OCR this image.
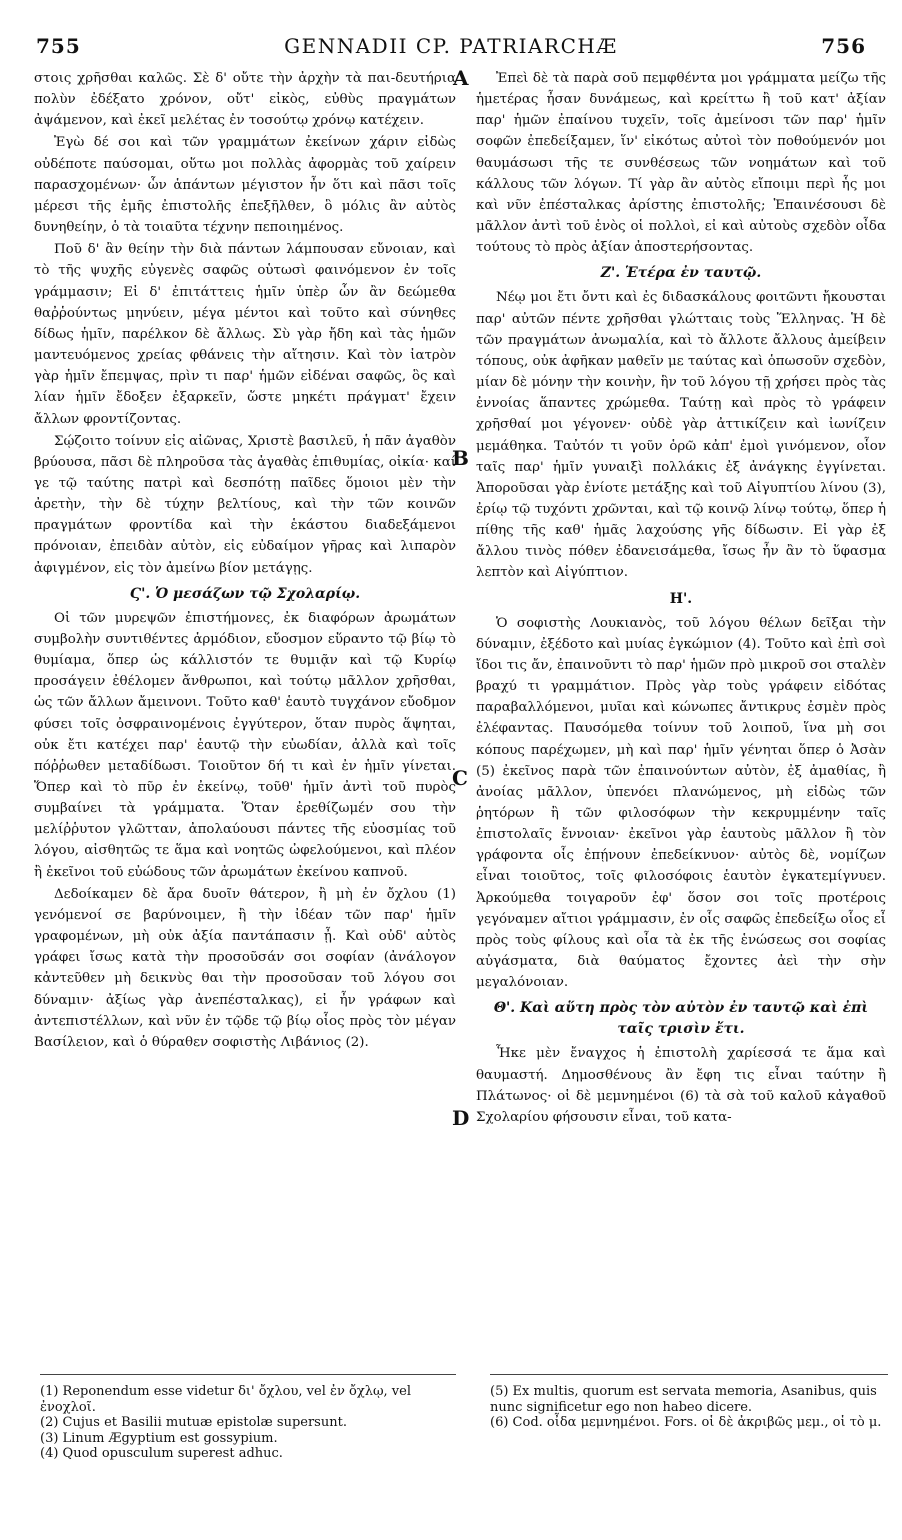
755	GENNADII CP. PATRIARCHÆ	756
A
B
C
D

στοις χρῆσθαι καλῶς. Σὲ δ' οὔτε τὴν ἀρχὴν τὰ παι-δευτήρια πολὺν ἐδέξατο χρόνον, οὔτ' εἰκὸς, εὐθὺς πραγμάτων ἀψάμενον, καὶ ἐκεῖ μελέτας ἐν τοσούτῳ χρόνῳ κατέχειν.

Ἐγὼ δέ σοι καὶ τῶν γραμμάτων ἐκείνων χάριν εἰδὼς οὐδέποτε παύσομαι, οὕτω μοι πολλὰς ἀφορμὰς τοῦ χαίρειν παρασχομένων· ὧν ἁπάντων μέγιστον ἦν ὅτι καὶ πᾶσι τοῖς μέρεσι τῆς ἐμῆς ἐπιστολῆς ἐπεξῆλθεν, ὃ μόλις ἂν αὐτὸς δυνηθείην, ὁ τὰ τοιαῦτα τέχνην πεποιημένος.

Ποῦ δ' ἂν θείην τὴν διὰ πάντων λάμπουσαν εὔνοιαν, καὶ τὸ τῆς ψυχῆς εὐγενὲς σαφῶς οὑτωσὶ φαινόμενον ἐν τοῖς γράμμασιν; Εἰ δ' ἐπιτάττεις ἡμῖν ὑπὲρ ὧν ἂν δεώμεθα θαῤῥούντως μηνύειν, μέγα μέντοι καὶ τοῦτο καὶ σύνηθες δίδως ἡμῖν, παρέλκον δὲ ἄλλως. Σὺ γὰρ ἤδη καὶ τὰς ἡμῶν μαντευόμενος χρείας φθάνεις τὴν αἴτησιν. Καὶ τὸν ἰατρὸν γὰρ ἡμῖν ἔπεμψας, πρὶν τι παρ' ἡμῶν εἰδέναι σαφῶς, ὃς καὶ λίαν ἡμῖν ἔδοξεν ἐξαρκεῖν, ὥστε μηκέτι πράγματ' ἔχειν ἄλλων φροντίζοντας.

Σῴζοιτο τοίνυν εἰς αἰῶνας, Χριστὲ βασιλεῦ, ἡ πᾶν ἀγαθὸν βρύουσα, πᾶσι δὲ πληροῦσα τὰς ἀγαθὰς ἐπιθυμίας, οἰκία· καί γε τῷ ταύτης πατρὶ καὶ δεσπότῃ παῖδες ὅμοιοι μὲν τὴν ἀρετὴν, τὴν δὲ τύχην βελτίους, καὶ τὴν τῶν κοινῶν πραγμάτων φροντίδα καὶ τὴν ἑκάστου διαδεξάμενοι πρόνοιαν, ἐπειδὰν αὐτὸν, εἰς εὐδαίμον γῆρας καὶ λιπαρὸν ἀφιγμένον, εἰς τὸν ἀμείνω βίον μετάγῃς.

Ϛ'. Ὁ μεσάζων τῷ Σχολαρίῳ.

Οἱ τῶν μυρεψῶν ἐπιστήμονες, ἐκ διαφόρων ἀρωμάτων συμβολὴν συντιθέντες ἁρμόδιον, εὔοσμον εὕραντο τῷ βίῳ τὸ θυμίαμα, ὅπερ ὡς κάλλιστόν τε θυμιᾷν καὶ τῷ Κυρίῳ προσάγειν ἐθέλομεν ἄνθρωποι, καὶ τούτῳ μᾶλλον χρῆσθαι, ὡς τῶν ἄλλων ἄμεινονι. Τοῦτο καθ' ἑαυτὸ τυγχάνον εὔοδμον φύσει τοῖς ὀσφραινομένοις ἐγγύτερον, ὅταν πυρὸς ἅψηται, οὐκ ἔτι κατέχει παρ' ἑαυτῷ τὴν εὐωδίαν, ἀλλὰ καὶ τοῖς πόῤῥωθεν μεταδίδωσι. Τοιοῦτον δή τι καὶ ἐν ἡμῖν γίνεται. Ὅπερ καὶ τὸ πῦρ ἐν ἐκείνῳ, τοῦθ' ἡμῖν ἀντὶ τοῦ πυρὸς συμβαίνει τὰ γράμματα. Ὅταν ἐρεθίζωμέν σου τὴν μελίῤῥυτον γλῶτταν, ἀπολαύουσι πάντες τῆς εὐοσμίας τοῦ λόγου, αἰσθητῶς τε ἅμα καὶ νοητῶς ὠφελούμενοι, καὶ πλέον ἢ ἐκεῖνοι τοῦ εὐώδους τῶν ἀρωμάτων ἐκείνου καπνοῦ.

Δεδοίκαμεν δὲ ἄρα δυοῖν θάτερον, ἢ μὴ ἐν ὄχλου (1) γενόμενοί σε βαρύνοιμεν, ἢ τὴν ἰδέαν τῶν παρ' ἡμῖν γραφομένων, μὴ οὐκ ἀξία παντάπασιν ᾖ. Καὶ οὐδ' αὐτὸς γράφει ἴσως κατὰ τὴν προσοῦσάν σοι σοφίαν (ἀνάλογον κἀντεῦθεν μὴ δεικνὺς θαι τὴν προσοῦσαν τοῦ λόγου σοι δύναμιν· ἀξίως γὰρ ἀνεπέσταλκας), εἰ ἦν γράφων καὶ ἀντεπιστέλλων, καὶ νῦν ἐν τῷδε τῷ βίῳ οἷος πρὸς τὸν μέγαν Βασίλειον, καὶ ὁ θύραθεν σοφιστὴς Λιβάνιος (2).

Ἐπεὶ δὲ τὰ παρὰ σοῦ πεμφθέντα μοι γράμματα μείζω τῆς ἡμετέρας ἦσαν δυνάμεως, καὶ κρείττω ἢ τοῦ κατ' ἀξίαν παρ' ἡμῶν ἐπαίνου τυχεῖν, τοῖς ἀμείνοσι τῶν παρ' ἡμῖν σοφῶν ἐπεδείξαμεν, ἵν' εἰκότως αὐτοὶ τὸν ποθούμενόν μοι θαυμάσωσι τῆς τε συνθέσεως τῶν νοημάτων καὶ τοῦ κάλλους τῶν λόγων. Τί γὰρ ἂν αὐτὸς εἴποιμι περὶ ἧς μοι καὶ νῦν ἐπέσταλκας ἀρίστης ἐπιστολῆς; Ἐπαινέσουσι δὲ μᾶλλον ἀντὶ τοῦ ἑνὸς οἱ πολλοὶ, εἰ καὶ αὐτοὺς σχεδὸν οἶδα τούτους τὸ πρὸς ἀξίαν ἀποστερήσοντας.

Ζ'. Ἑτέρα ἐν ταυτῷ.

Νέῳ μοι ἔτι ὄντι καὶ ἐς διδασκάλους φοιτῶντι ἤκουσται παρ' αὐτῶν πέντε χρῆσθαι γλώτταις τοὺς Ἕλληνας. Ἡ δὲ τῶν πραγμάτων ἀνωμαλία, καὶ τὸ ἄλλοτε ἄλλους ἀμείβειν τόπους, οὐκ ἀφῆκαν μαθεῖν με ταύτας καὶ ὁπωσοῦν σχεδὸν, μίαν δὲ μόνην τὴν κοινὴν, ἣν τοῦ λόγου τῇ χρήσει πρὸς τὰς ἐννοίας ἅπαντες χρώμεθα. Ταύτῃ καὶ πρὸς τὸ γράφειν χρῆσθαί μοι γέγονεν· οὐδὲ γὰρ ἀττικίζειν καὶ ἰωνίζειν μεμάθηκα. Ταὐτόν τι γοῦν ὁρῶ κἀπ' ἐμοὶ γινόμενον, οἷον ταῖς παρ' ἡμῖν γυναιξὶ πολλάκις ἐξ ἀνάγκης ἐγγίνεται. Ἀποροῦσαι γὰρ ἐνίοτε μετάξης καὶ τοῦ Αἰγυπτίου λίνου (3), ἐρίῳ τῷ τυχόντι χρῶνται, καὶ τῷ κοινῷ λίνῳ τούτῳ, ὅπερ ἡ πίθης τῆς καθ' ἡμᾶς λαχούσης γῆς δίδωσιν. Εἰ γὰρ ἐξ ἄλλου τινὸς πόθεν ἐδανεισάμεθα, ἴσως ἦν ἂν τὸ ὕφασμα λεπτὸν καὶ Αἰγύπτιον.

Η'.

Ὁ σοφιστὴς Λουκιανὸς, τοῦ λόγου θέλων δεῖξαι τὴν δύναμιν, ἐξέδοτο καὶ μυίας ἐγκώμιον (4). Τοῦτο καὶ ἐπὶ σοὶ ἴδοι τις ἄν, ἐπαινοῦντι τὸ παρ' ἡμῶν πρὸ μικροῦ σοι σταλὲν βραχύ τι γραμμάτιον. Πρὸς γὰρ τοὺς γράφειν εἰδότας παραβαλλόμενοι, μυῖαι καὶ κώνωπες ἄντικρυς ἐσμὲν πρὸς ἐλέφαντας. Παυσόμεθα τοίνυν τοῦ λοιποῦ, ἵνα μὴ σοι κόπους παρέχωμεν, μὴ καὶ παρ' ἡμῖν γένηται ὅπερ ὁ Ἀσὰν (5) ἐκεῖνος παρὰ τῶν ἐπαινούντων αὐτὸν, ἐξ ἀμαθίας, ἢ ἀνοίας μᾶλλον, ὑπενόει πλανώμενος, μὴ εἰδὼς τῶν ῥητόρων ἢ τῶν φιλοσόφων τὴν κεκρυμμένην ταῖς ἐπιστολαῖς ἔννοιαν· ἐκεῖνοι γὰρ ἑαυτοὺς μᾶλλον ἢ τὸν γράφοντα οἷς ἐπῄνουν ἐπεδείκνυον· αὐτὸς δὲ, νομίζων εἶναι τοιοῦτος, τοῖς φιλοσόφοις ἑαυτὸν ἐγκατεμίγνυεν. Ἀρκούμεθα τοιγαροῦν ἐφ' ὅσον σοι τοῖς προτέροις γεγόναμεν αἴτιοι γράμμασιν, ἐν οἷς σαφῶς ἐπεδείξω οἷος εἶ πρὸς τοὺς φίλους καὶ οἷα τὰ ἐκ τῆς ἑνώσεως σοι σοφίας αὐγάσματα, διὰ θαύματος ἔχοντες ἀεὶ τὴν σὴν μεγαλόνοιαν.

Θ'. Καὶ αὕτη πρὸς τὸν αὐτὸν ἐν ταυτῷ καὶ ἐπὶ ταῖς τρισὶν ἔτι.

Ἧκε μὲν ἔναγχος ἡ ἐπιστολὴ χαρίεσσά τε ἅμα καὶ θαυμαστή. Δημοσθένους ἂν ἔφη τις εἶναι ταύτην ἢ Πλάτωνος· οἱ δὲ μεμνημένοι (6) τὰ σὰ τοῦ καλοῦ κἀγαθοῦ Σχολαρίου φήσουσιν εἶναι, τοῦ κατα-

(1) Reponendum esse videtur δι' ὄχλου, vel ἐν ὄχλῳ, vel ἐνοχλοῖ.
(2) Cujus et Basilii mutuæ epistolæ supersunt.
(3) Linum Ægyptium est gossypium.
(4) Quod opusculum superest adhuc.
(5) Ex multis, quorum est servata memoria, Asanibus, quis nunc significetur ego non habeo dicere.
(6) Cod. οἶδα μεμνημένοι. Fors. οἱ δὲ ἀκριβῶς μεμ., οἱ τὸ μ.
